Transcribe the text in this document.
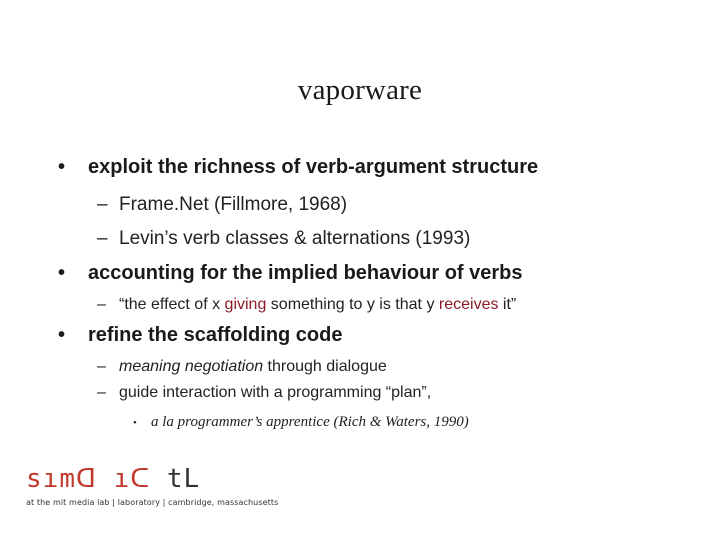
vaporware
• exploit the richness of verb-argument structure
– Frame.Net (Fillmore, 1968)
– Levin’s verb classes & alternations (1993)
• accounting for the implied behaviour of verbs
– “the effect of x giving something to y is that y receives it”
• refine the scaffolding code
– meaning negotiation through dialogue
– guide interaction with a programming “plan”,
• a la programmer’s apprentice (Rich & Waters, 1990)
sımᗡ ıᑕ tL
at the mit media lab | laboratory | cambridge, massachusetts
